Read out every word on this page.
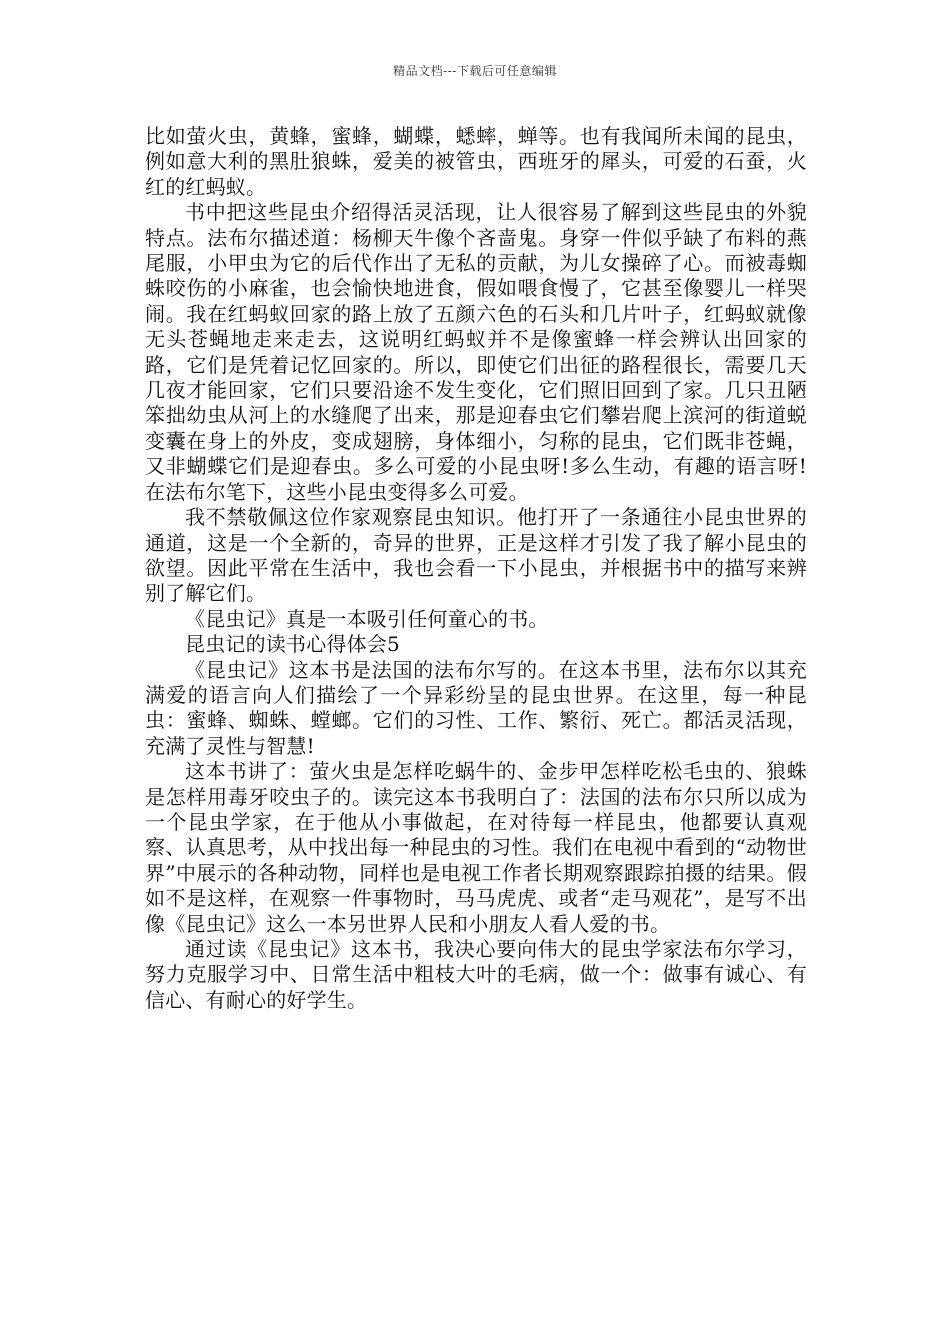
精品文档---下载后可任意编辑

比如萤火虫，黄蜂，蜜蜂，蝴蝶，蟋蟀，蝉等。也有我闻所未闻的昆虫，例如意大利的黑肚狼蛛，爱美的被管虫，西班牙的犀头，可爱的石蚕，火红的红蚂蚁。

书中把这些昆虫介绍得活灵活现，让人很容易了解到这些昆虫的外貌特点。法布尔描述道：杨柳天牛像个吝啬鬼。身穿一件似乎缺了布料的燕尾服，小甲虫为它的后代作出了无私的贡献，为儿女操碎了心。而被毒蜘蛛咬伤的小麻雀，也会愉快地进食，假如喂食慢了，它甚至像婴儿一样哭闹。我在红蚂蚁回家的路上放了五颜六色的石头和几片叶子，红蚂蚁就像无头苍蝇地走来走去，这说明红蚂蚁并不是像蜜蜂一样会辨认出回家的路，它们是凭着记忆回家的。所以，即使它们出征的路程很长，需要几天几夜才能回家，它们只要沿途不发生变化，它们照旧回到了家。几只丑陋笨拙幼虫从河上的水缝爬了出来，那是迎春虫它们攀岩爬上滨河的街道蜕变囊在身上的外皮，变成翅膀，身体细小，匀称的昆虫，它们既非苍蝇，又非蝴蝶它们是迎春虫。多么可爱的小昆虫呀!多么生动，有趣的语言呀!在法布尔笔下，这些小昆虫变得多么可爱。

我不禁敬佩这位作家观察昆虫知识。他打开了一条通往小昆虫世界的通道，这是一个全新的，奇异的世界，正是这样才引发了我了解小昆虫的欲望。因此平常在生活中，我也会看一下小昆虫，并根据书中的描写来辨别了解它们。

《昆虫记》真是一本吸引任何童心的书。

昆虫记的读书心得体会5

《昆虫记》这本书是法国的法布尔写的。在这本书里，法布尔以其充满爱的语言向人们描绘了一个异彩纷呈的昆虫世界。在这里，每一种昆虫：蜜蜂、蜘蛛、螳螂。它们的习性、工作、繁衍、死亡。都活灵活现，充满了灵性与智慧!

这本书讲了：萤火虫是怎样吃蜗牛的、金步甲怎样吃松毛虫的、狼蛛是怎样用毒牙咬虫子的。读完这本书我明白了：法国的法布尔只所以成为一个昆虫学家，在于他从小事做起，在对待每一样昆虫，他都要认真观察、认真思考，从中找出每一种昆虫的习性。我们在电视中看到的“动物世界”中展示的各种动物，同样也是电视工作者长期观察跟踪拍摄的结果。假如不是这样，在观察一件事物时，马马虎虎、或者“走马观花”，是写不出像《昆虫记》这么一本另世界人民和小朋友人看人爱的书。

通过读《昆虫记》这本书，我决心要向伟大的昆虫学家法布尔学习，努力克服学习中、日常生活中粗枝大叶的毛病，做一个：做事有诚心、有信心、有耐心的好学生。
